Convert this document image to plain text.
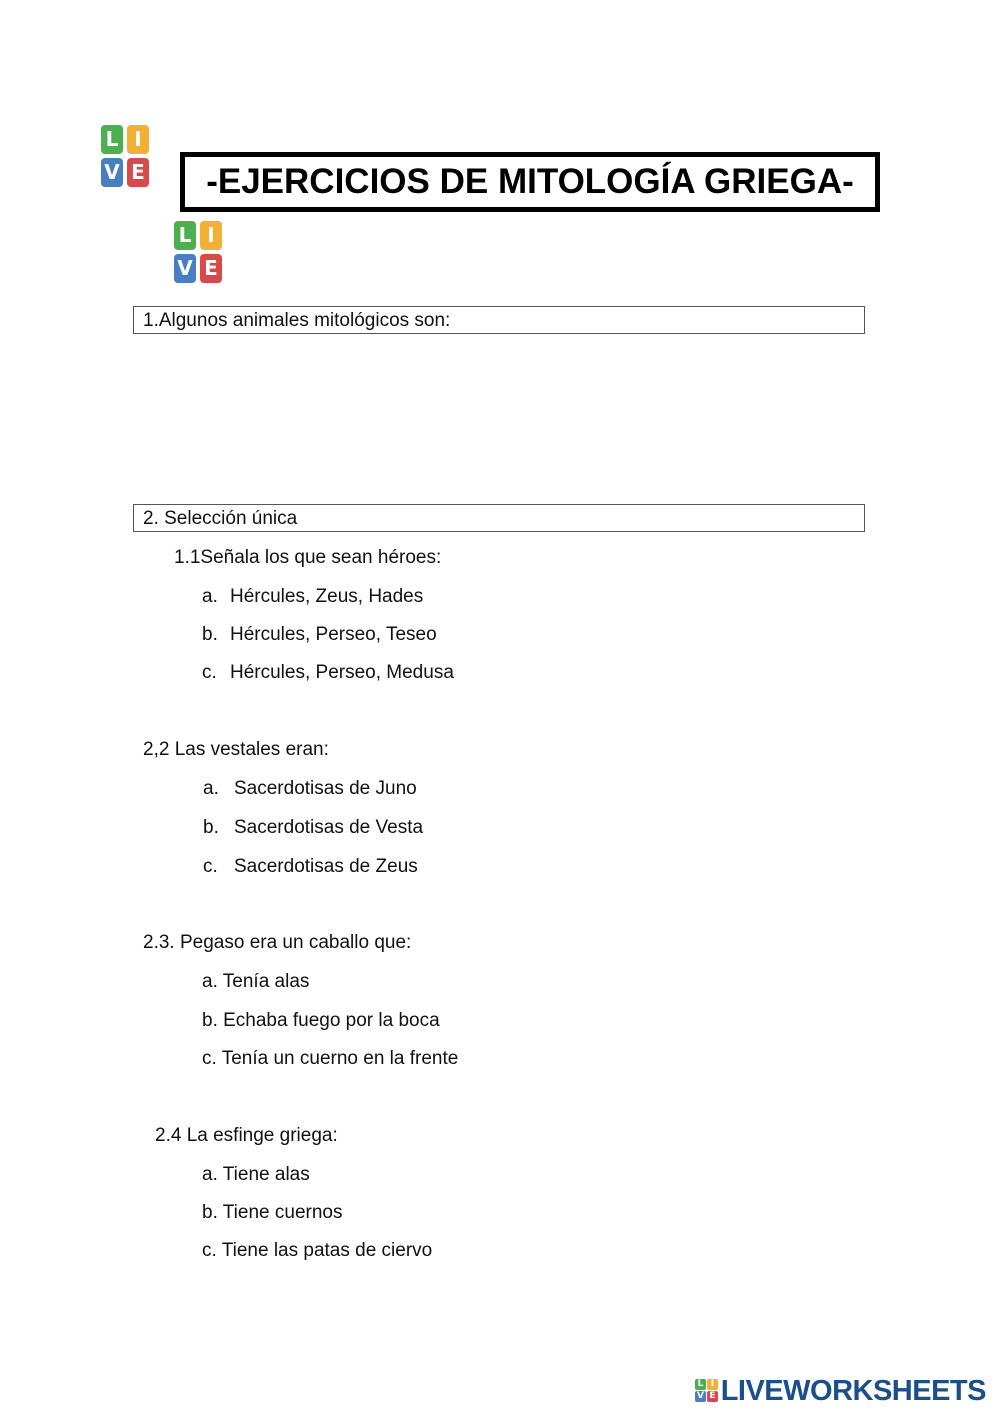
L I
V E	-EJERCICIOS DE MITOLOGÍA GRIEGA-
L I
V E
1.Algunos animales mitológicos son:
2. Selección única
1.1Señala los que sean héroes:
a. Hércules, Zeus, Hades
b. Hércules, Perseo, Teseo
c. Hércules, Perseo, Medusa
2,2 Las vestales eran:
a. Sacerdotisas de Juno
b. Sacerdotisas de Vesta
c. Sacerdotisas de Zeus
2.3. Pegaso era un caballo que:
a. Tenía alas
b. Echaba fuego por la boca
c. Tenía un cuerno en la frente
2.4 La esfinge griega:
a. Tiene alas
b. Tiene cuernos
c. Tiene las patas de ciervo
L I
V E LIVEWORKSHEETS
